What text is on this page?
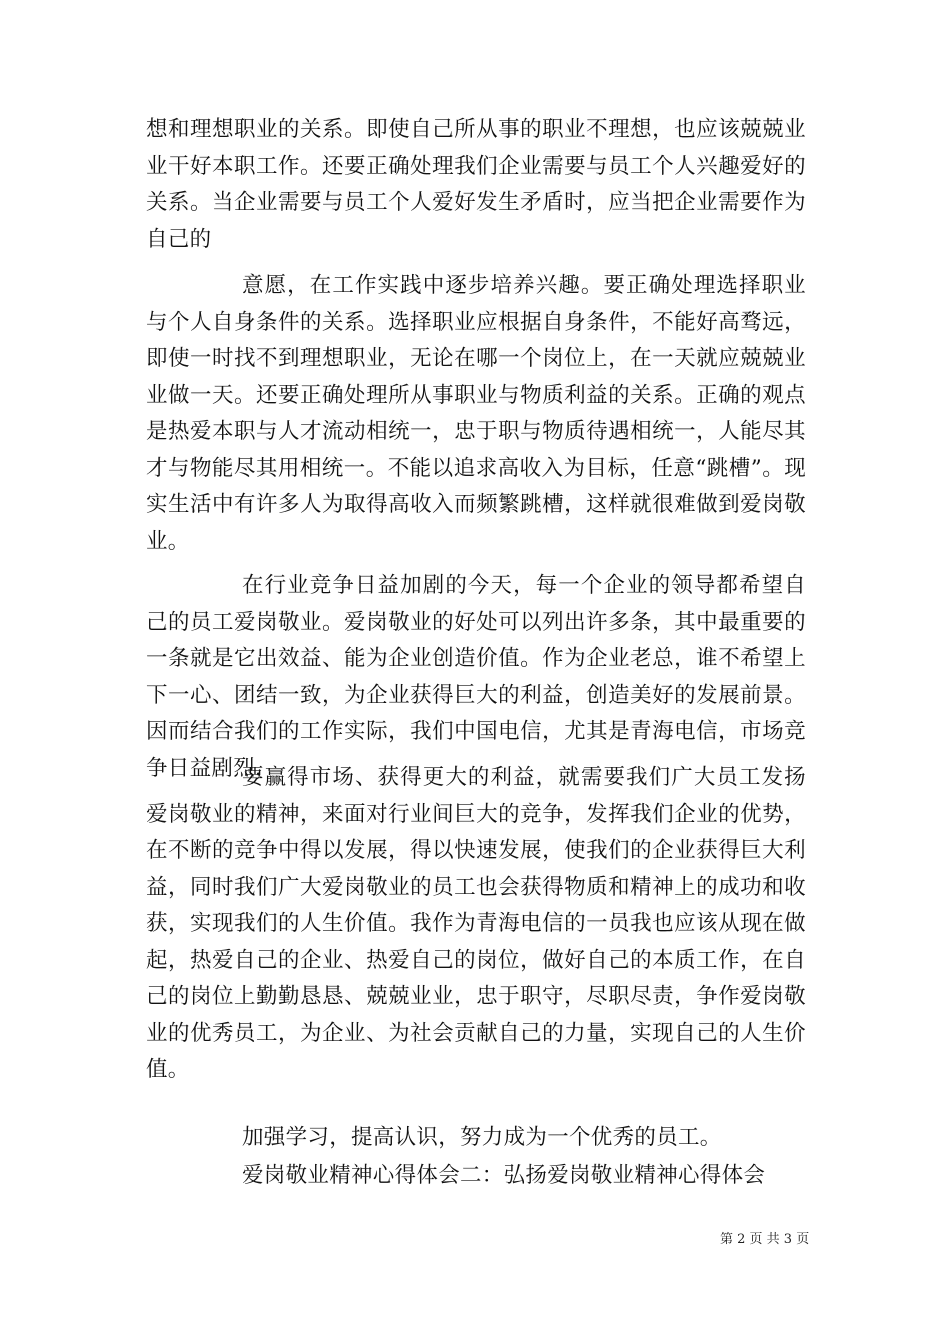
想和理想职业的关系。即使自己所从事的职业不理想，也应该兢兢业业干好本职工作。还要正确处理我们企业需要与员工个人兴趣爱好的关系。当企业需要与员工个人爱好发生矛盾时，应当把企业需要作为自己的

意愿，在工作实践中逐步培养兴趣。要正确处理选择职业与个人自身条件的关系。选择职业应根据自身条件，不能好高骛远，即使一时找不到理想职业，无论在哪一个岗位上，在一天就应兢兢业业做一天。还要正确处理所从事职业与物质利益的关系。正确的观点是热爱本职与人才流动相统一，忠于职与物质待遇相统一，人能尽其才与物能尽其用相统一。不能以追求高收入为目标，任意“跳槽”。现实生活中有许多人为取得高收入而频繁跳槽，这样就很难做到爱岗敬业。

在行业竞争日益加剧的今天，每一个企业的领导都希望自己的员工爱岗敬业。爱岗敬业的好处可以列出许多条，其中最重要的一条就是它出效益、能为企业创造价值。作为企业老总，谁不希望上下一心、团结一致，为企业获得巨大的利益，创造美好的发展前景。因而结合我们的工作实际，我们中国电信，尤其是青海电信，市场竞争日益剧烈，

要赢得市场、获得更大的利益，就需要我们广大员工发扬爱岗敬业的精神，来面对行业间巨大的竞争，发挥我们企业的优势，在不断的竞争中得以发展，得以快速发展，使我们的企业获得巨大利益，同时我们广大爱岗敬业的员工也会获得物质和精神上的成功和收获，实现我们的人生价值。我作为青海电信的一员我也应该从现在做起，热爱自己的企业、热爱自己的岗位，做好自己的本质工作，在自己的岗位上勤勤恳恳、兢兢业业，忠于职守，尽职尽责，争作爱岗敬业的优秀员工，为企业、为社会贡献自己的力量，实现自己的人生价值。

加强学习，提高认识，努力成为一个优秀的员工。

爱岗敬业精神心得体会二：弘扬爱岗敬业精神心得体会

第 2 页 共 3 页
